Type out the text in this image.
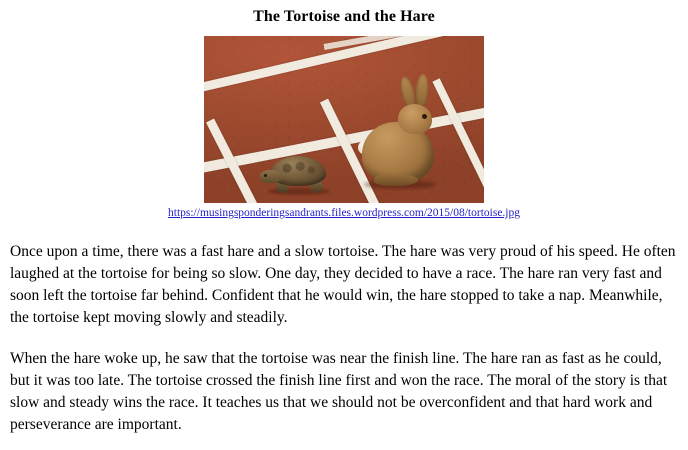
The Tortoise and the Hare
https://musingsponderingsandrants.files.wordpress.com/2015/08/tortoise.jpg

Once upon a time, there was a fast hare and a slow tortoise. The hare was very proud of his speed. He often laughed at the tortoise for being so slow. One day, they decided to have a race. The hare ran very fast and soon left the tortoise far behind. Confident that he would win, the hare stopped to take a nap. Meanwhile, the tortoise kept moving slowly and steadily.

When the hare woke up, he saw that the tortoise was near the finish line. The hare ran as fast as he could, but it was too late. The tortoise crossed the finish line first and won the race. The moral of the story is that slow and steady wins the race. It teaches us that we should not be overconfident and that hard work and perseverance are important.
